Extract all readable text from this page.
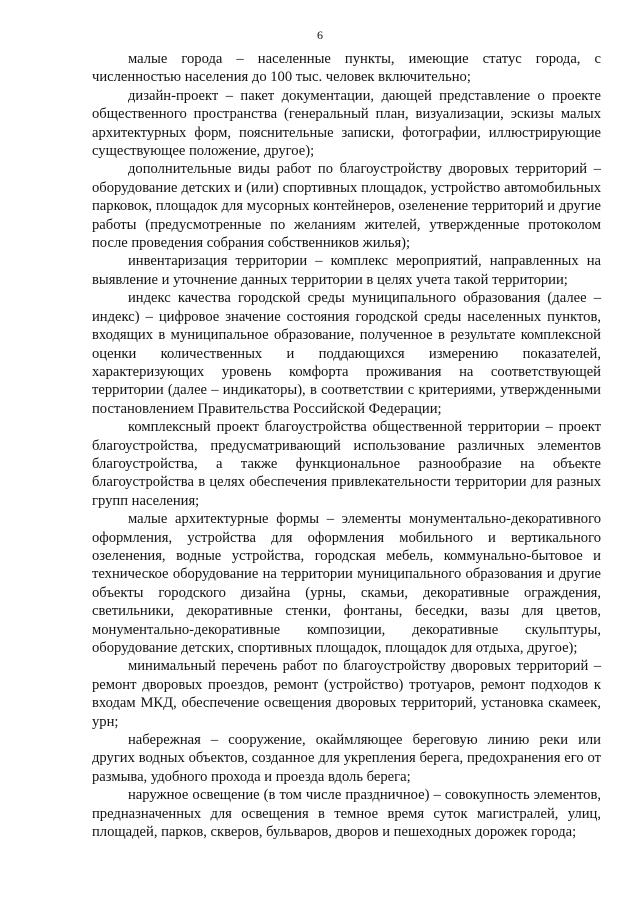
6

малые города – населенные пункты, имеющие статус города, с численностью населения до 100 тыс. человек включительно;

дизайн-проект – пакет документации, дающей представление о проекте общественного пространства (генеральный план, визуализации, эскизы малых архитектурных форм, пояснительные записки, фотографии, иллюстрирующие существующее положение, другое);

дополнительные виды работ по благоустройству дворовых территорий – оборудование детских и (или) спортивных площадок, устройство автомобильных парковок, площадок для мусорных контейнеров, озеленение территорий и другие работы (предусмотренные по желаниям жителей, утвержденные протоколом после проведения собрания собственников жилья);

инвентаризация территории – комплекс мероприятий, направленных на выявление и уточнение данных территории в целях учета такой территории;

индекс качества городской среды муниципального образования (далее – индекс) – цифровое значение состояния городской среды населенных пунктов, входящих в муниципальное образование, полученное в результате комплексной оценки количественных и поддающихся измерению показателей, характеризующих уровень комфорта проживания на соответствующей территории (далее – индикаторы), в соответствии с критериями, утвержденными постановлением Правительства Российской Федерации;

комплексный проект благоустройства общественной территории – проект благоустройства, предусматривающий использование различных элементов благоустройства, а также функциональное разнообразие на объекте благоустройства в целях обеспечения привлекательности территории для разных групп населения;

малые архитектурные формы – элементы монументально-декоративного оформления, устройства для оформления мобильного и вертикального озеленения, водные устройства, городская мебель, коммунально-бытовое и техническое оборудование на территории муниципального образования и другие объекты городского дизайна (урны, скамьи, декоративные ограждения, светильники, декоративные стенки, фонтаны, беседки, вазы для цветов, монументально-декоративные композиции, декоративные скульптуры, оборудование детских, спортивных площадок, площадок для отдыха, другое);

минимальный перечень работ по благоустройству дворовых территорий – ремонт дворовых проездов, ремонт (устройство) тротуаров, ремонт подходов к входам МКД, обеспечение освещения дворовых территорий, установка скамеек, урн;

набережная – сооружение, окаймляющее береговую линию реки или других водных объектов, созданное для укрепления берега, предохранения его от размыва, удобного прохода и проезда вдоль берега;

наружное освещение (в том числе праздничное) – совокупность элементов, предназначенных для освещения в темное время суток магистралей, улиц, площадей, парков, скверов, бульваров, дворов и пешеходных дорожек города;
